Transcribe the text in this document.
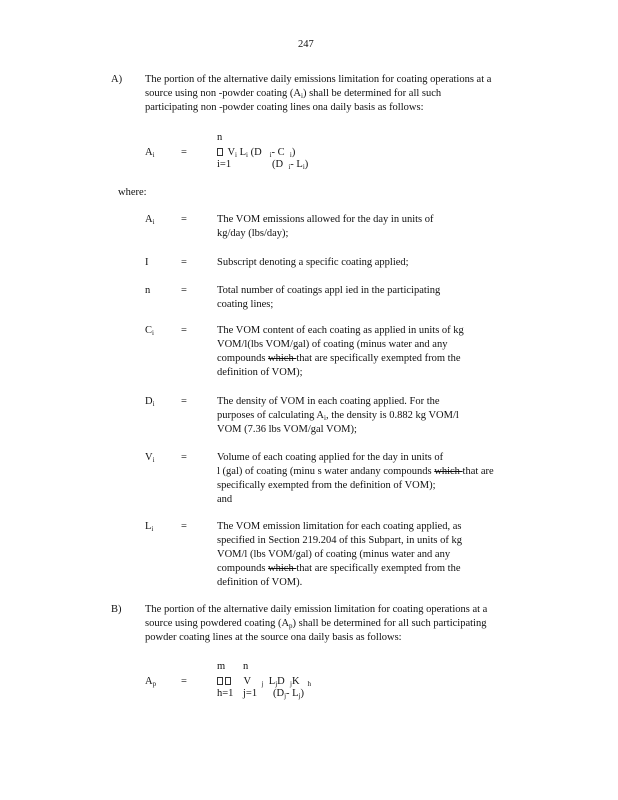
247
A) The portion of the alternative daily emissions limitation for coating operations at a
source using non -powder coating $(A_i)$ shall be determined for all such
participating non -powder coating lines ona daily basis as follows:
n
$A_i$	=	$V_i$ $L_i$ (D $_i$- C $_i$)
i=1	(D $_i$- $L_i$)
where:
$A_i$	=	The VOM emissions allowed for the day in units of
kg/day (lbs/day);
I	=	Subscript denoting a specific coating applied;
n	=	Total number of coatings appl ied in the participating
coating lines;
$C_i$	=	The VOM content of each coating as applied in units of kg
VOM/l(lbs VOM/gal) of coating (minus water and any
compounds which that are specifically exempted from the
definition of VOM);
$D_i$	=	The density of VOM in each coating applied. For the
purposes of calculating $A_i$, the density is 0.882 kg VOM/l
VOM (7.36 lbs VOM/gal VOM);
$V_i$	=	Volume of each coating applied for the day in units of
l (gal) of coating (minu s water andany compounds which that are
specifically exempted from the definition of VOM);
and
$L_i$	=	The VOM emission limitation for each coating applied, as
specified in Section 219.204 of this Subpart, in units of kg
VOM/l (lbs VOM/gal) of coating (minus water and any
compounds which that are specifically exempted from the
definition of VOM).
B) The portion of the alternative daily emission limitation for coating operations at a
source using powdered coating $(A_p)$ shall be determined for all such participating
powder coating lines at the source ona daily basis as follows:
m n
$A_p$ =	V $_j$ $L_jD$ $_j$K $_h$
h=1 j=1 ($D_j-$ $L_j$)
